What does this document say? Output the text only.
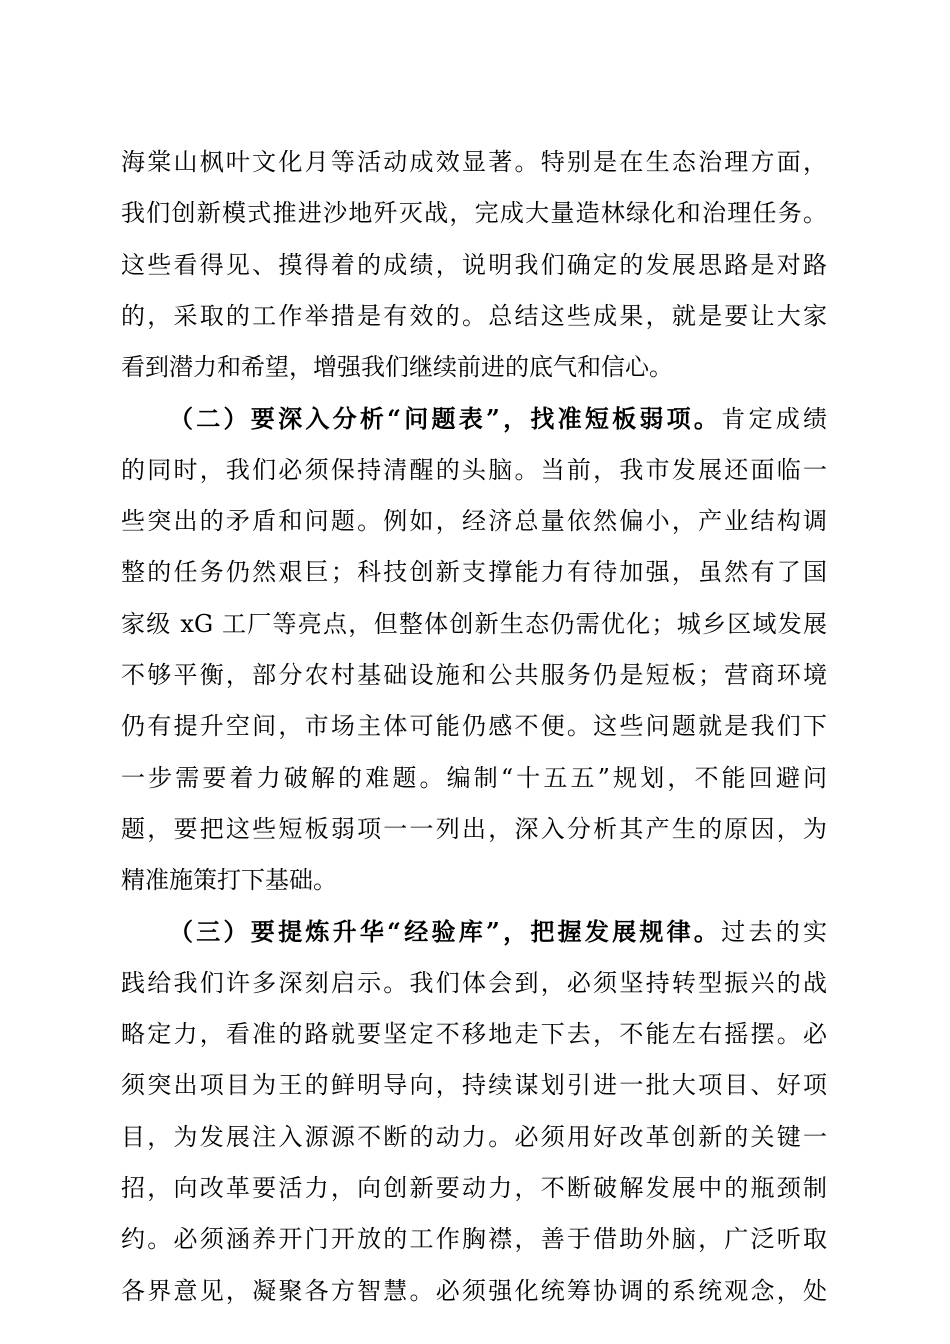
海棠山枫叶文化月等活动成效显著。特别是在生态治理方面，
我们创新模式推进沙地歼灭战，完成大量造林绿化和治理任务。
这些看得见、摸得着的成绩，说明我们确定的发展思路是对路
的，采取的工作举措是有效的。总结这些成果，就是要让大家
看到潜力和希望，增强我们继续前进的底气和信心。
（二）要深入分析“问题表”，找准短板弱项。肯定成绩
的同时，我们必须保持清醒的头脑。当前，我市发展还面临一
些突出的矛盾和问题。例如，经济总量依然偏小，产业结构调
整的任务仍然艰巨；科技创新支撑能力有待加强，虽然有了国
家级 xG 工厂等亮点，但整体创新生态仍需优化；城乡区域发展
不够平衡，部分农村基础设施和公共服务仍是短板；营商环境
仍有提升空间，市场主体可能仍感不便。这些问题就是我们下
一步需要着力破解的难题。编制“十五五”规划，不能回避问
题，要把这些短板弱项一一列出，深入分析其产生的原因，为
精准施策打下基础。
（三）要提炼升华“经验库”，把握发展规律。过去的实
践给我们许多深刻启示。我们体会到，必须坚持转型振兴的战
略定力，看准的路就要坚定不移地走下去，不能左右摇摆。必
须突出项目为王的鲜明导向，持续谋划引进一批大项目、好项
目，为发展注入源源不断的动力。必须用好改革创新的关键一
招，向改革要活力，向创新要动力，不断破解发展中的瓶颈制
约。必须涵养开门开放的工作胸襟，善于借助外脑，广泛听取
各界意见，凝聚各方智慧。必须强化统筹协调的系统观念，处
